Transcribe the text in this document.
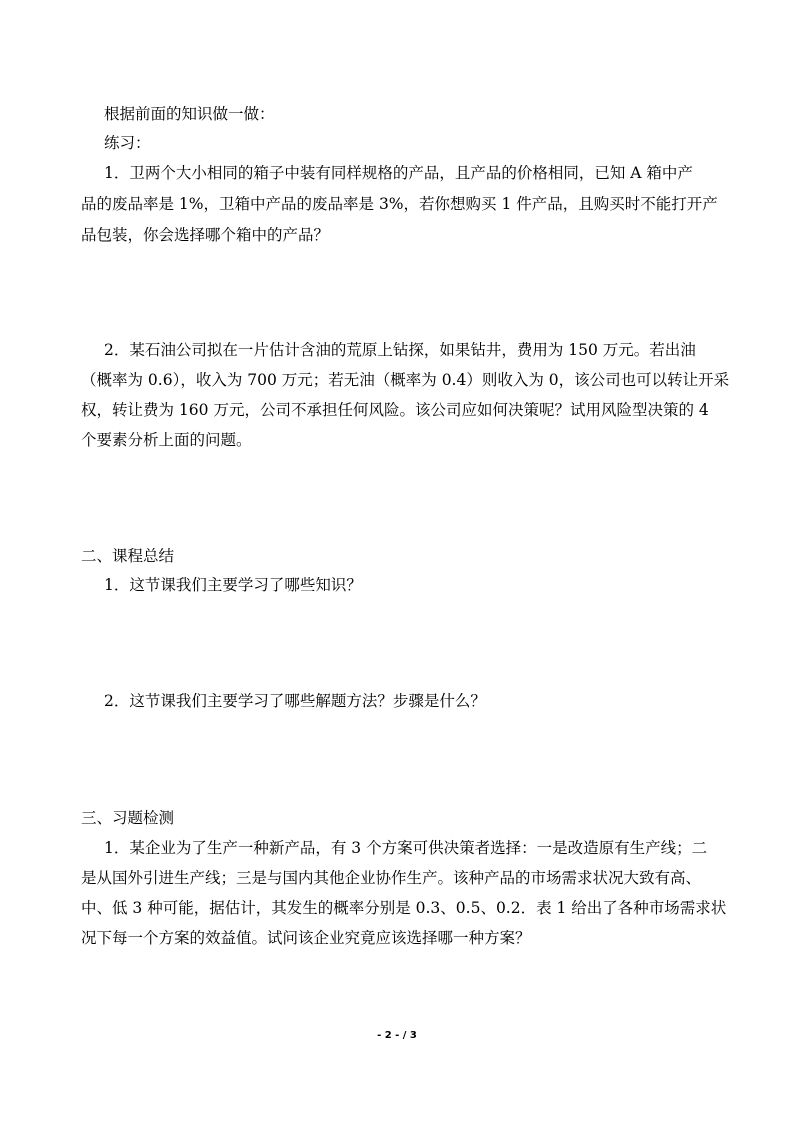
根据前面的知识做一做：

练习：

1．卫两个大小相同的箱子中装有同样规格的产品，且产品的价格相同，已知 A 箱中产

品的废品率是 1%，卫箱中产品的废品率是 3%，若你想购买 1 件产品，且购买时不能打开产

品包装，你会选择哪个箱中的产品？

2．某石油公司拟在一片估计含油的荒原上钻探，如果钻井，费用为 150 万元。若出油

（概率为 0.6），收入为 700 万元；若无油（概率为 0.4）则收入为 0，该公司也可以转让开采

权，转让费为 160 万元，公司不承担任何风险。该公司应如何决策呢？试用风险型决策的 4

个要素分析上面的问题。

二、课程总结

1．这节课我们主要学习了哪些知识？

2．这节课我们主要学习了哪些解题方法？步骤是什么？

三、习题检测

1．某企业为了生产一种新产品，有 3 个方案可供决策者选择：一是改造原有生产线；二

是从国外引进生产线；三是与国内其他企业协作生产。该种产品的市场需求状况大致有高、

中、低 3 种可能，据估计，其发生的概率分别是 0.3、0.5、0.2．表 1 给出了各种市场需求状

况下每一个方案的效益值。试问该企业究竟应该选择哪一种方案？

- 2 - / 3
